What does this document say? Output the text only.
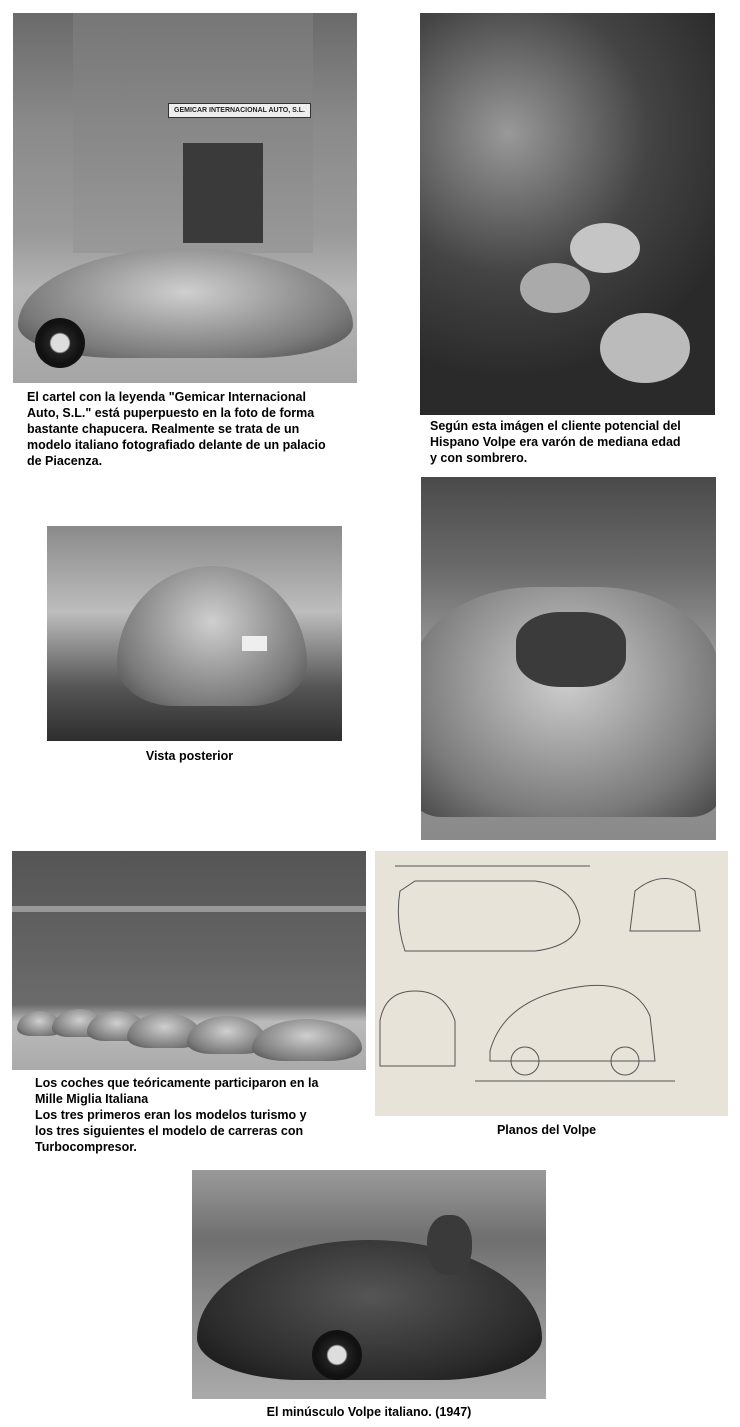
GEMICAR INTERNACIONAL AUTO, S.L.
El cartel con la leyenda "Gemicar Internacional
Auto, S.L." está puperpuesto en la foto de forma
bastante chapucera. Realmente se trata de un
modelo italiano fotografiado delante de un palacio
de Piacenza.
Según esta imágen el cliente potencial del
Hispano Volpe era varón de mediana edad
y con sombrero.
Vista posterior
Los coches que teóricamente participaron en la
Mille Miglia Italiana
Los tres primeros eran los modelos turismo y
los tres siguientes el modelo de carreras con
Turbocompresor.
Planos del Volpe
El minúsculo Volpe italiano. (1947)
